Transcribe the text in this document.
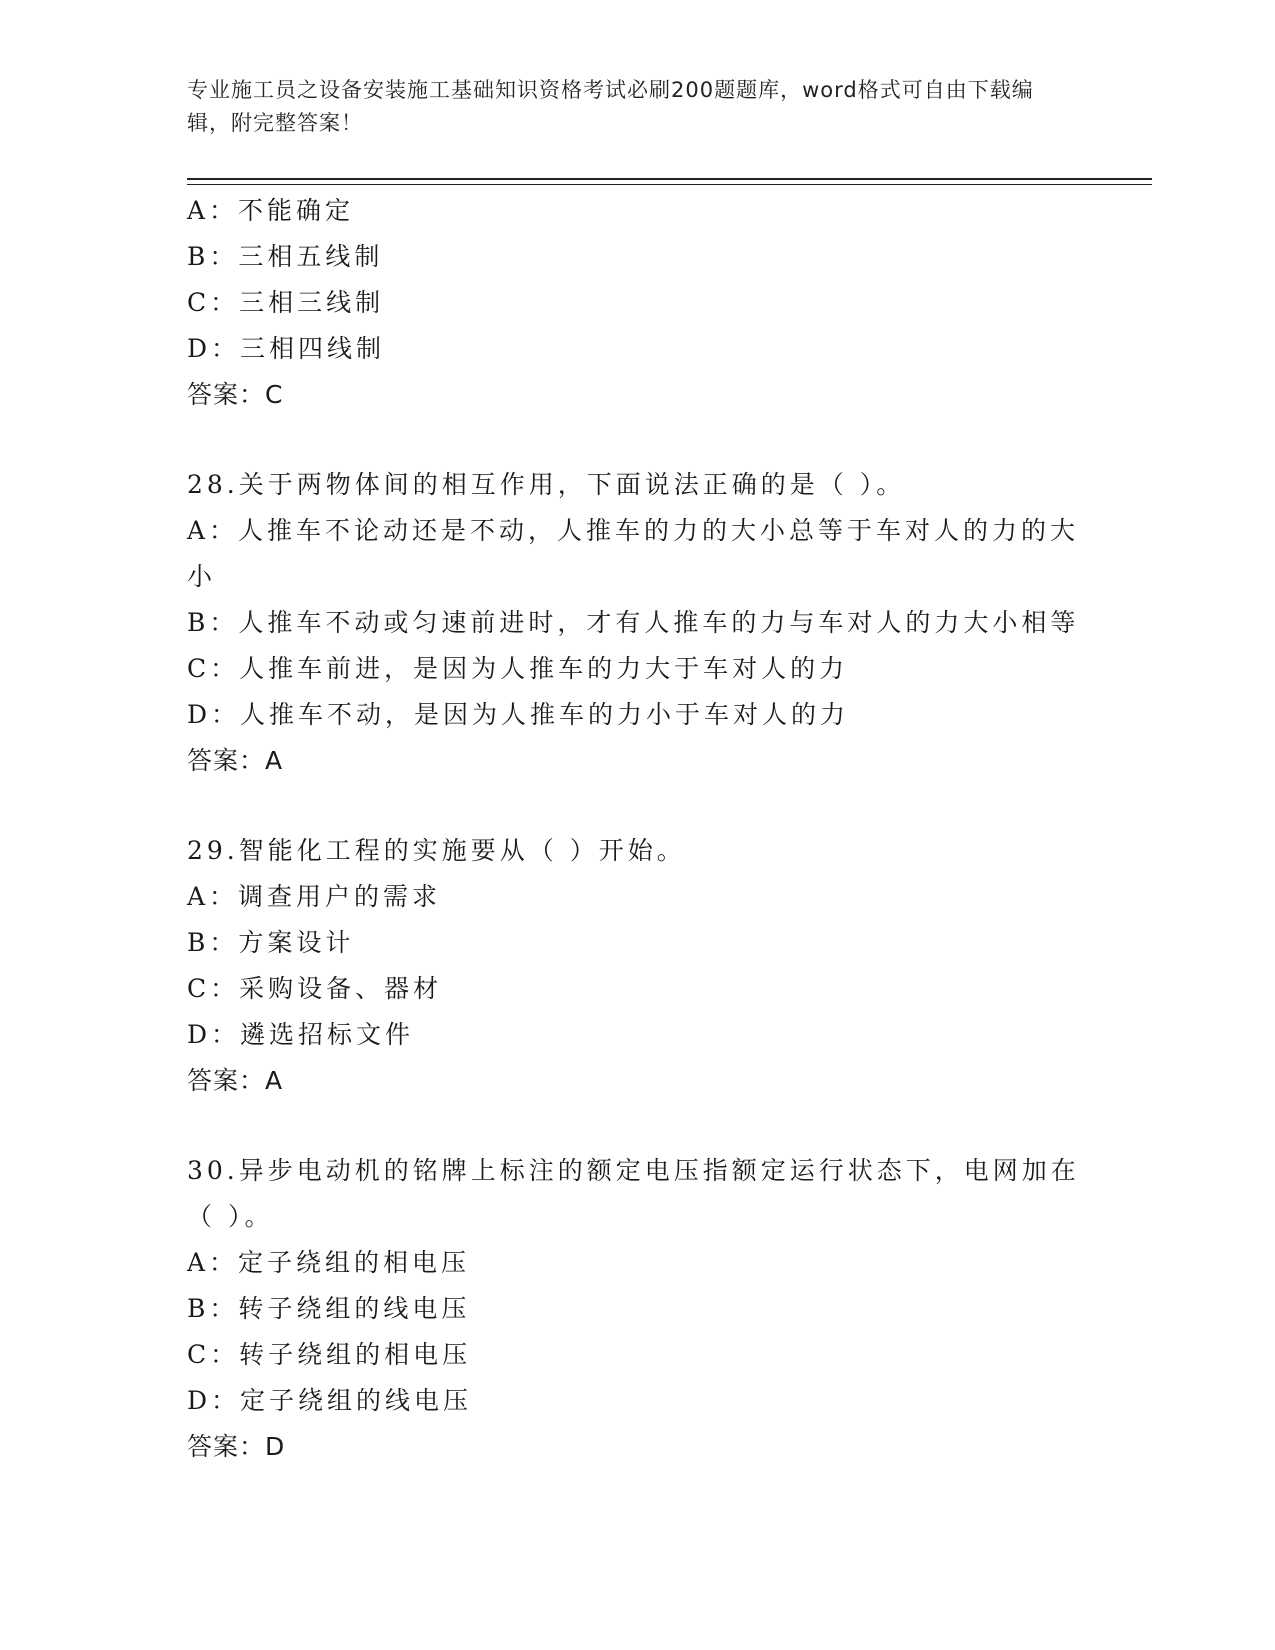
专业施工员之设备安装施工基础知识资格考试必刷200题题库，word格式可自由下载编辑，附完整答案！
A：不能确定
B：三相五线制
C：三相三线制
D：三相四线制
答案：C
28.关于两物体间的相互作用，下面说法正确的是（ ）。
A：人推车不论动还是不动，人推车的力的大小总等于车对人的力的大小
B：人推车不动或匀速前进时，才有人推车的力与车对人的力大小相等
C：人推车前进，是因为人推车的力大于车对人的力
D：人推车不动，是因为人推车的力小于车对人的力
答案：A
29.智能化工程的实施要从（ ）开始。
A：调查用户的需求
B：方案设计
C：采购设备、器材
D：遴选招标文件
答案：A
30.异步电动机的铭牌上标注的额定电压指额定运行状态下，电网加在（ ）。
A：定子绕组的相电压
B：转子绕组的线电压
C：转子绕组的相电压
D：定子绕组的线电压
答案：D
